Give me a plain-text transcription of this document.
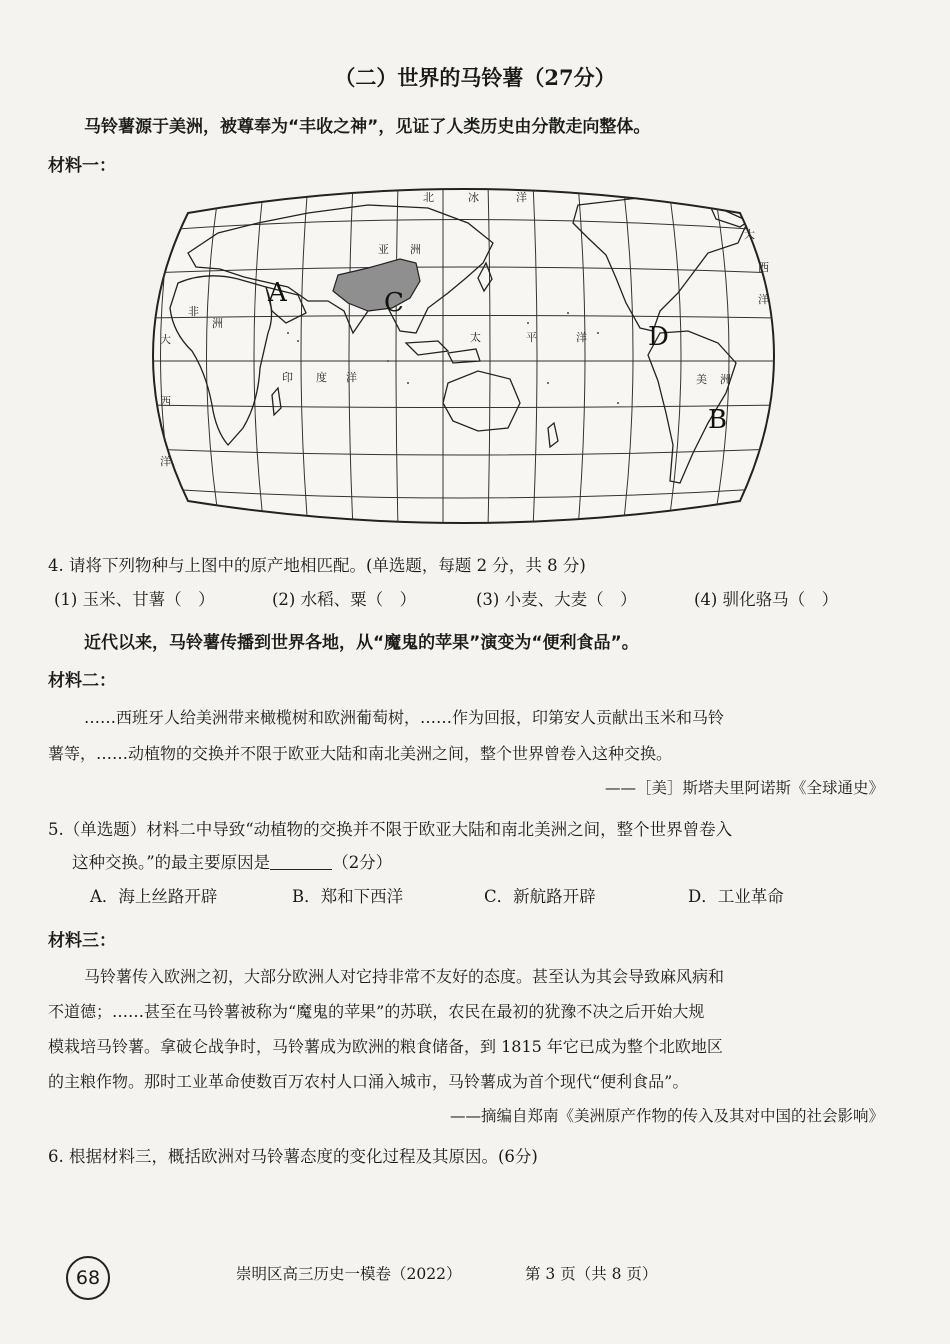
（二）世界的马铃薯（27分）
马铃薯源于美洲，被尊奉为“丰收之神”，见证了人类历史由分散走向整体。
材料一：
北	冰	洋
大
西
洋
非
洲
大	太	平	洋
印 度 洋
西
洋
美 洲
亚 洲
A	C
D
B
4. 请将下列物种与上图中的原产地相匹配。(单选题，每题 2 分，共 8 分)
(1) 玉米、甘薯（　）	(2) 水稻、粟（　）	(3) 小麦、大麦（　）	(4) 驯化骆马（　）
近代以来，马铃薯传播到世界各地，从“魔鬼的苹果”演变为“便利食品”。
材料二：
……西班牙人给美洲带来橄榄树和欧洲葡萄树，……作为回报，印第安人贡献出玉米和马铃
薯等，……动植物的交换并不限于欧亚大陆和南北美洲之间，整个世界曾卷入这种交换。
——［美］斯塔夫里阿诺斯《全球通史》
5.（单选题）材料二中导致“动植物的交换并不限于欧亚大陆和南北美洲之间，整个世界曾卷入
这种交换。”的最主要原因是	（2分）
A．海上丝路开辟	B．郑和下西洋	C．新航路开辟	D．工业革命
材料三：
马铃薯传入欧洲之初，大部分欧洲人对它持非常不友好的态度。甚至认为其会导致麻风病和
不道德；……甚至在马铃薯被称为“魔鬼的苹果”的苏联，农民在最初的犹豫不决之后开始大规
模栽培马铃薯。拿破仑战争时，马铃薯成为欧洲的粮食储备，到 1815 年它已成为整个北欧地区
的主粮作物。那时工业革命使数百万农村人口涌入城市，马铃薯成为首个现代“便利食品”。
——摘编自郑南《美洲原产作物的传入及其对中国的社会影响》
6. 根据材料三，概括欧洲对马铃薯态度的变化过程及其原因。(6分)
68	崇明区高三历史一模卷（2022）	第 3 页（共 8 页）
